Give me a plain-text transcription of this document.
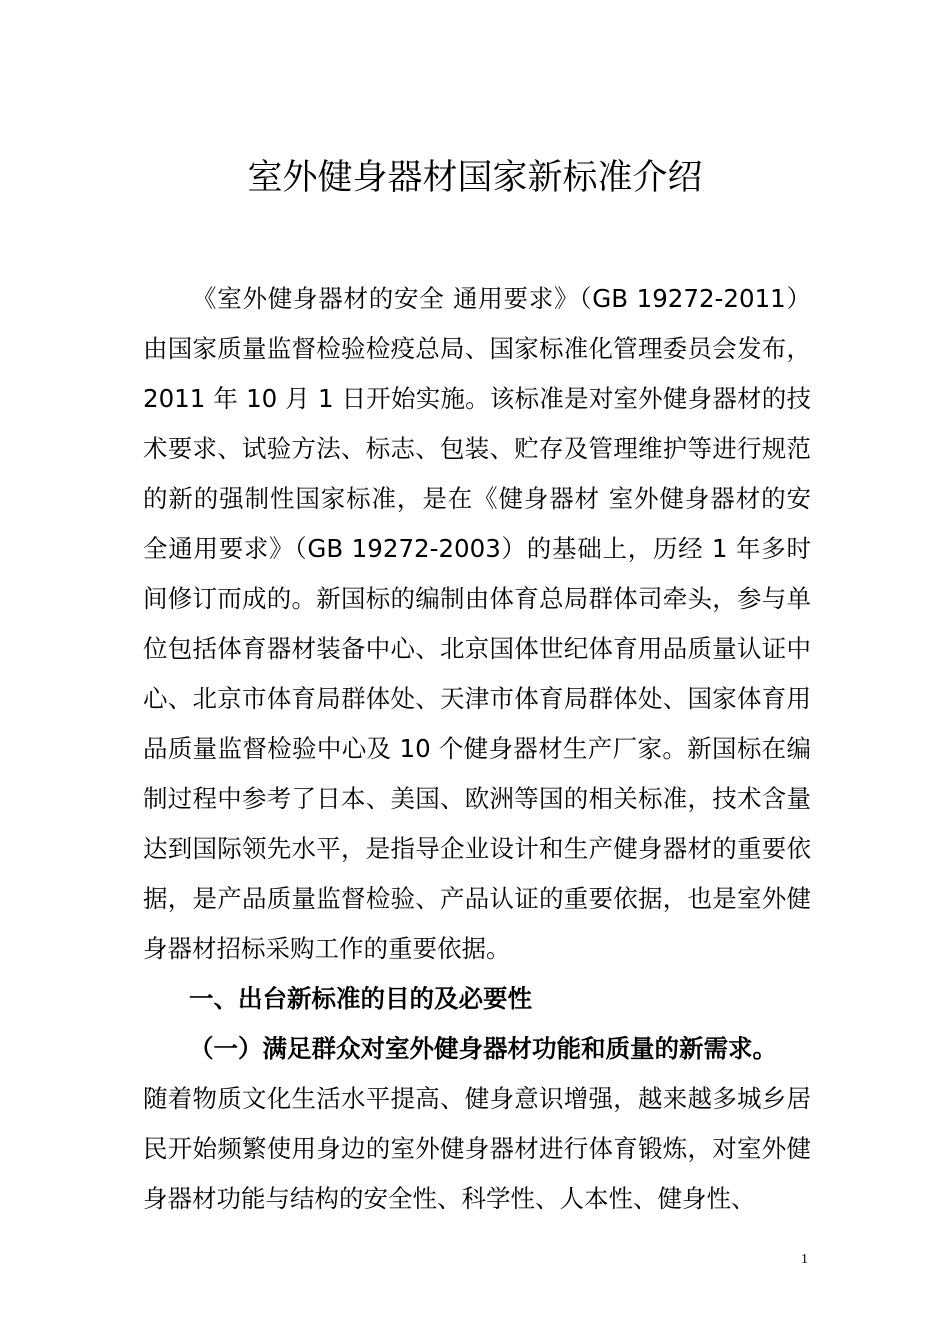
室外健身器材国家新标准介绍

《室外健身器材的安全 通用要求》（GB 19272-2011）由国家质量监督检验检疫总局、国家标准化管理委员会发布，2011 年 10 月 1 日开始实施。该标准是对室外健身器材的技术要求、试验方法、标志、包装、贮存及管理维护等进行规范的新的强制性国家标准，是在《健身器材 室外健身器材的安全通用要求》（GB 19272-2003）的基础上，历经 1 年多时间修订而成的。新国标的编制由体育总局群体司牵头，参与单位包括体育器材装备中心、北京国体世纪体育用品质量认证中心、北京市体育局群体处、天津市体育局群体处、国家体育用品质量监督检验中心及 10 个健身器材生产厂家。新国标在编制过程中参考了日本、美国、欧洲等国的相关标准，技术含量达到国际领先水平，是指导企业设计和生产健身器材的重要依据，是产品质量监督检验、产品认证的重要依据，也是室外健身器材招标采购工作的重要依据。

一、出台新标准的目的及必要性
（一）满足群众对室外健身器材功能和质量的新需求。

随着物质文化生活水平提高、健身意识增强，越来越多城乡居民开始频繁使用身边的室外健身器材进行体育锻炼，对室外健身器材功能与结构的安全性、科学性、人本性、健身性、

1
